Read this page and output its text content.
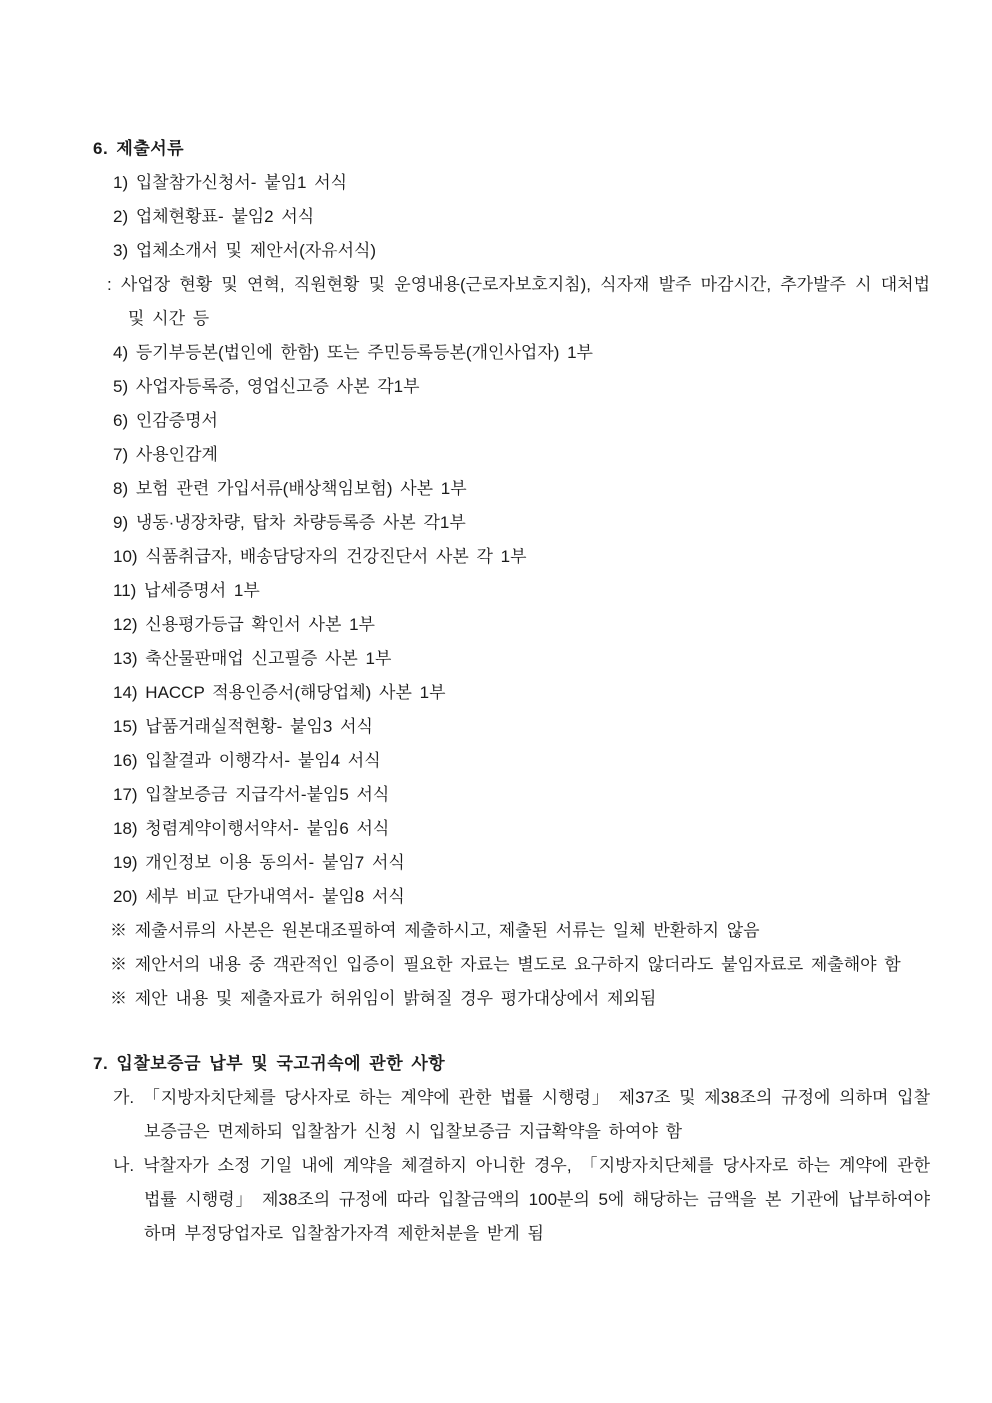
6. 제출서류

1) 입찰참가신청서- 붙임1 서식

2) 업체현황표- 붙임2 서식

3) 업체소개서 및 제안서(자유서식)

: 사업장 현황 및 연혁, 직원현황 및 운영내용(근로자보호지침), 식자재 발주 마감시간, 추가발주 시 대처법 및 시간 등

4) 등기부등본(법인에 한함) 또는 주민등록등본(개인사업자) 1부

5) 사업자등록증, 영업신고증 사본 각1부

6) 인감증명서

7) 사용인감계

8) 보험 관련 가입서류(배상책임보험) 사본 1부

9) 냉동·냉장차량, 탑차 차량등록증 사본 각1부

10) 식품취급자, 배송담당자의 건강진단서 사본 각 1부

11) 납세증명서 1부

12) 신용평가등급 확인서 사본 1부

13) 축산물판매업 신고필증 사본 1부

14) HACCP 적용인증서(해당업체) 사본 1부

15) 납품거래실적현황- 붙임3 서식

16) 입찰결과 이행각서- 붙임4 서식

17) 입찰보증금 지급각서-붙임5 서식

18) 청렴계약이행서약서- 붙임6 서식

19) 개인정보 이용 동의서- 붙임7 서식

20) 세부 비교 단가내역서- 붙임8 서식

※ 제출서류의 사본은 원본대조필하여 제출하시고, 제출된 서류는 일체 반환하지 않음

※ 제안서의 내용 중 객관적인 입증이 필요한 자료는 별도로 요구하지 않더라도 붙임자료로 제출해야 함

※ 제안 내용 및 제출자료가 허위임이 밝혀질 경우 평가대상에서 제외됨

7. 입찰보증금 납부 및 국고귀속에 관한 사항

가. 「지방자치단체를 당사자로 하는 계약에 관한 법률 시행령」 제37조 및 제38조의 규정에 의하며 입찰보증금은 면제하되 입찰참가 신청 시 입찰보증금 지급확약을 하여야 함

나. 낙찰자가 소정 기일 내에 계약을 체결하지 아니한 경우, 「지방자치단체를 당사자로 하는 계약에 관한 법률 시행령」 제38조의 규정에 따라 입찰금액의 100분의 5에 해당하는 금액을 본 기관에 납부하여야 하며 부정당업자로 입찰참가자격 제한처분을 받게 됨
